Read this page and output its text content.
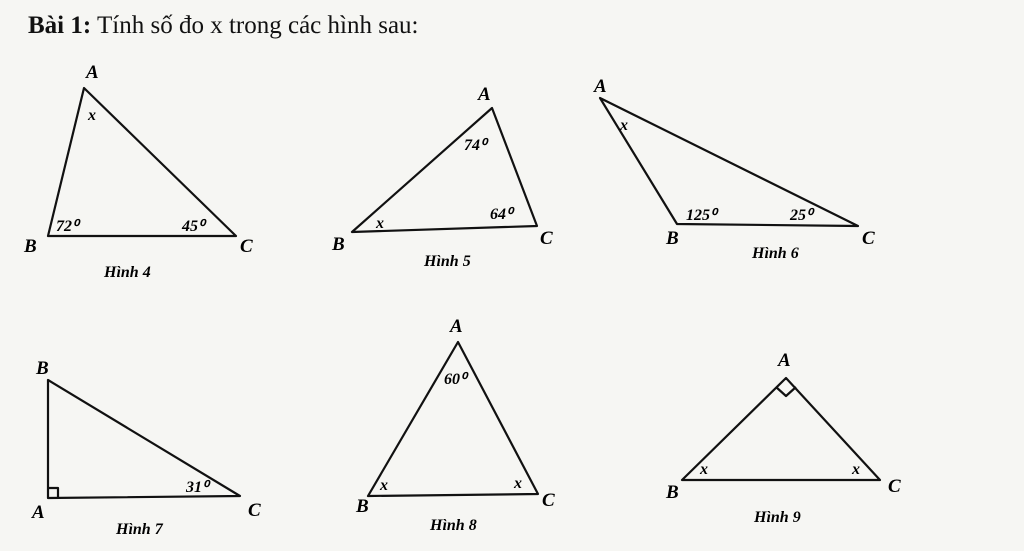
Bài 1: Tính số đo x trong các hình sau:
A
B	C
x
72⁰	45⁰
Hình 4
A
B	C
74⁰
x
64⁰
Hình 5
A
B	C
x
125⁰	25⁰
Hình 6
B
A	C
31⁰
Hình 7
A
B	C
60⁰
x	x
Hình 8
A
B	C
x	x
Hình 9
